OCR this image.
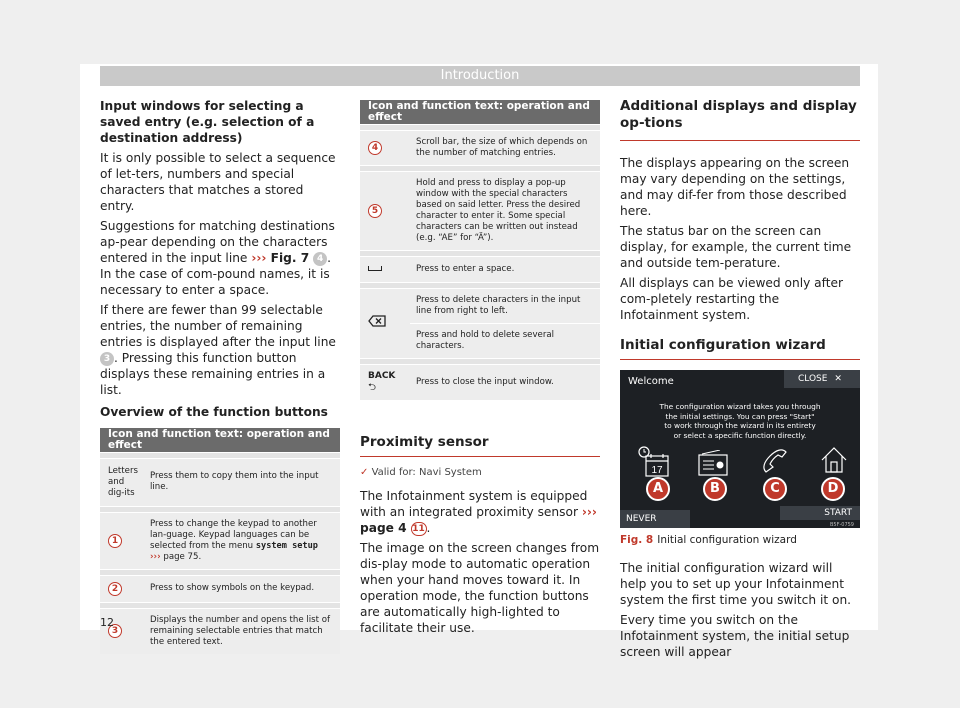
Introduction
Input windows for selecting a saved entry (e.g. selection of a destination address)

It is only possible to select a sequence of let-ters, numbers and special characters that matches a stored entry.

Suggestions for matching destinations ap-pear depending on the characters entered in the input line ››› Fig. 7 4 . In the case of com-pound names, it is necessary to enter a space.

If there are fewer than 99 selectable entries, the number of remaining entries is displayed after the input line 3 . Pressing this function button displays these remaining entries in a list.

Overview of the function buttons

Icon and function text: operation and effect	

Letters and dig-its	Press them to copy them into the input line.

1	Press to change the keypad to another lan-guage. Keypad languages can be selected from the menu system setup
››› page 75.

2	Press to show symbols on the keypad.

3	Displays the number and opens the list of remaining selectable entries that match the entered text.
Icon and function text: operation and effect	

4	Scroll bar, the size of which depends on the number of matching entries.

5	Hold and press to display a pop-up window with the special characters based on said letter. Press the desired character to enter it. Some special characters can be written out instead (e.g. “AE” for “Ä”).

	Press to enter a space.

	Press to delete characters in the input line from right to left.
	Press and hold to delete several characters.

BACK ⮌	Press to close the input window.
Proximity sensor
✓ Valid for: Navi System

The Infotainment system is equipped with an integrated proximity sensor ››› page 4 11 .

The image on the screen changes from dis-play mode to automatic operation when your hand moves toward it. In operation mode, the function buttons are automatically high-lighted to facilitate their use.

Additional displays and display op-tions

The displays appearing on the screen may vary depending on the settings, and may dif-fer from those described here.

The status bar on the screen can display, for example, the current time and outside tem-perature.

All displays can be viewed only after com-pletely restarting the Infotainment system.

Initial configuration wizard
Welcome	CLOSE ✕
The configuration wizard takes you through
the initial settings. You can press "Start"
to work through the wizard in its entirety
or select a specific function directly.
17
A	B	C	D
NEVER
START
B5F-0759
Fig. 8 Initial configuration wizard

The initial configuration wizard will help you to set up your Infotainment system the first time you switch it on.

Every time you switch on the Infotainment system, the initial setup screen will appear

12
